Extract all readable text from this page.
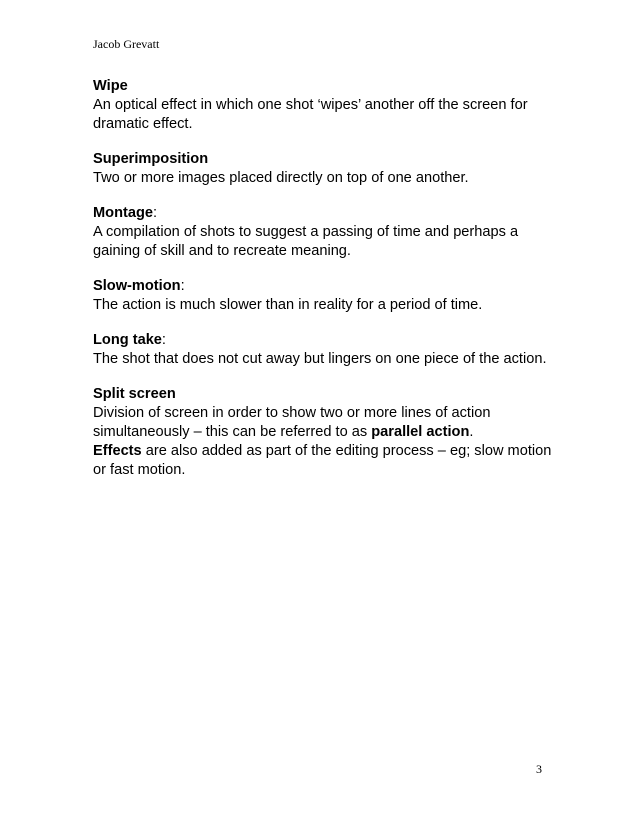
Jacob Grevatt
Wipe
An optical effect in which one shot ‘wipes’ another off the screen for dramatic effect.
Superimposition
Two or more images placed directly on top of one another.
Montage:
A compilation of shots to suggest a passing of time and perhaps a gaining of skill and to recreate meaning.
Slow-motion:
The action is much slower than in reality for a period of time.
Long take:
The shot that does not cut away but lingers on one piece of the action.
Split screen
Division of screen in order to show two or more lines of action simultaneously – this can be referred to as parallel action.
Effects are also added as part of the editing process – eg; slow motion or fast motion.
3
